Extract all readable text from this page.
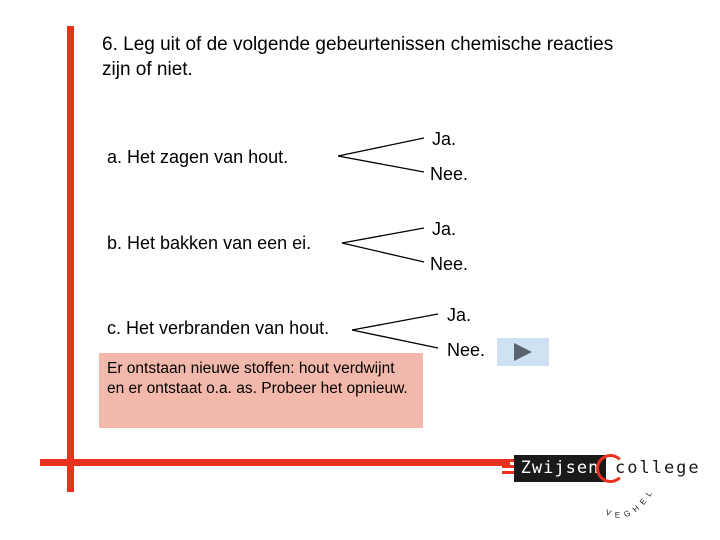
6. Leg uit of de volgende gebeurtenissen chemische reacties zijn of niet.
a. Het zagen van hout.
Ja.
Nee.
b. Het bakken van een ei.
Ja.
Nee.
c. Het verbranden van hout.
Ja.
Nee.
Er ontstaan nieuwe stoffen: hout verdwijnt en er ontstaat o.a. as. Probeer het opnieuw.
Zwijsen college
VEGHEL
